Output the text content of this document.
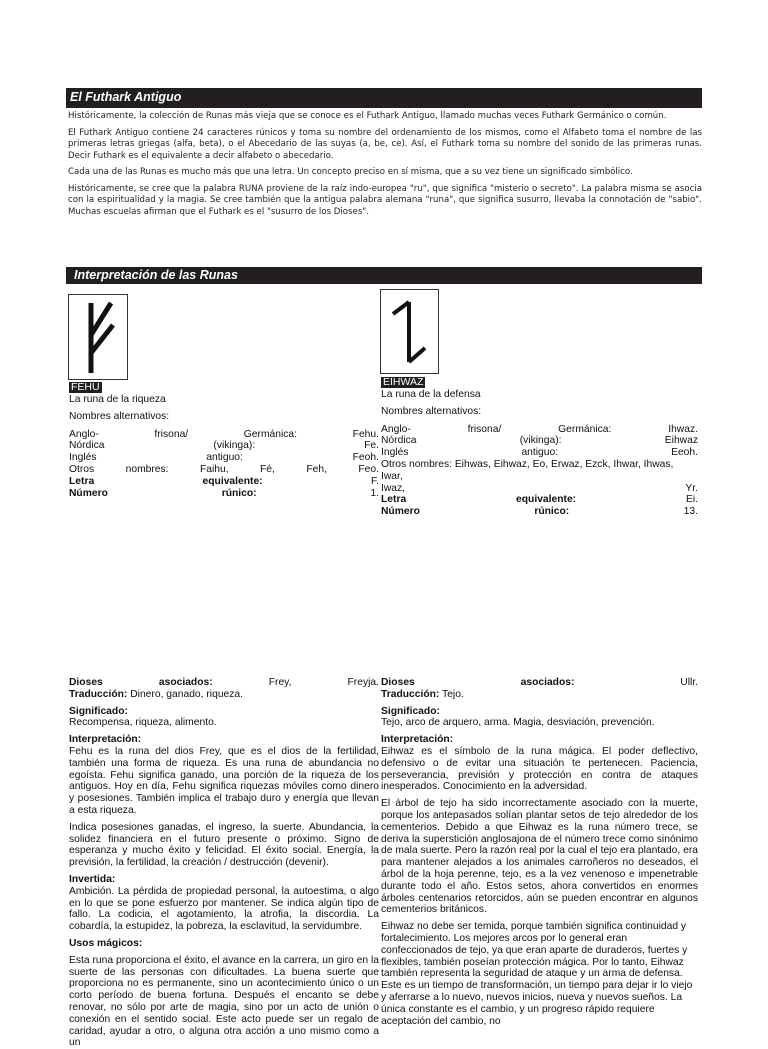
El Futhark Antiguo

Históricamente, la colección de Runas más vieja que se conoce es el Futhark Antiguo, llamado muchas veces Futhark Germánico o común.

El Futhark Antiguo contiene 24 caracteres rúnicos y toma su nombre del ordenamiento de los mismos, como el Alfabeto toma el nombre de las primeras letras griegas (alfa, beta), o el Abecedario de las suyas (a, be, ce). Así, el Futhark toma su nombre del sonido de las primeras runas. Decir Futhark es el equivalente a decir alfabeto o abecedario.

Cada una de las Runas es mucho más que una letra. Un concepto preciso en sí misma, que a su vez tiene un significado simbólico.

Históricamente, se cree que la palabra RUNA proviene de la raíz indo-europea "ru", que significa "misterio o secreto". La palabra misma se asocia con la espiritualidad y la magia. Se cree también que la antigua palabra alemana "runa", que significa susurro, llevaba la connotación de "sabio". Muchas escuelas afirman que el Futhark es el "susurro de los Dioses".

Interpretación de las Runas
FEHU	EIHWAZ

La runa de la riqueza

Nombres alternativos:

Anglo-	frisona/	Germánica:	Fehu.

Nórdica	(vikinga):	Fe.

Inglés	antiguo:	Feoh.

Otros	nombres:	Faihu,	Fé,	Feh,	Feo.

Letra	equivalente:	F.

Número	rúnico:	1.

La runa de la defensa

Nombres alternativos:

Anglo-	frisona/	Germánica:	Ihwaz.

Nórdica	(vikinga):	Eihwaz

Inglés	antiguo:	Eeoh.

Otros nombres: Eihwas, Eihwaz, Eo, Erwaz, Ezck, Ihwar, Ihwas, Iwar,

Iwaz,	Yr.

Letra	equivalente:	Ei.

Número	rúnico:	13.

Dioses	asociados:	Frey,	Freyja.

Traducción: Dinero, ganado, riqueza.

Significado:

Recompensa, riqueza, alimento.

Interpretación:

Fehu es la runa del dios Frey, que es el dios de la fertilidad, también una forma de riqueza. Es una runa de abundancia no egoísta. Fehu significa ganado, una porción de la riqueza de los antiguos. Hoy en día, Fehu significa riquezas móviles como dinero y posesiones. También implica el trabajo duro y energía que llevan a esta riqueza.

Indica posesiones ganadas, el ingreso, la suerte. Abundancia, la solidez financiera en el futuro presente o próximo. Signo de esperanza y mucho éxito y felicidad. El éxito social. Energía, la previsión, la fertilidad, la creación / destrucción (devenir).

Invertida:

Ambición. La pérdida de propiedad personal, la autoestima, o algo en lo que se pone esfuerzo por mantener. Se indica algún tipo de fallo. La codicia, el agotamiento, la atrofia, la discordia. La cobardía, la estupidez, la pobreza, la esclavitud, la servidumbre.

Usos mágicos:

Esta runa proporciona el éxito, el avance en la carrera, un giro en la suerte de las personas con dificultades. La buena suerte que proporciona no es permanente, sino un acontecimiento único o un corto período de buena fortuna. Después el encanto se debe renovar, no sólo por arte de magia, sino por un acto de unión o conexión en el sentido social. Este acto puede ser un regalo de caridad, ayudar a otro, o alguna otra acción a uno mismo como a un

Dioses	asociados:	Ullr.

Traducción: Tejo.

Significado:

Tejo, arco de arquero, arma. Magia, desviación, prevención.

Interpretación:

Eihwaz es el símbolo de la runa mágica. El poder deflectivo, defensivo o de evitar una situación te pertenecen. Paciencia, perseverancia, previsión y protección en contra de ataques inesperados. Conocimiento en la adversidad.

El árbol de tejo ha sido incorrectamente asociado con la muerte, porque los antepasados solían plantar setos de tejo alrededor de los cementerios. Debido a que Eihwaz es la runa número trece, se deriva la superstición anglosajona de el número trece como sinónimo de mala suerte. Pero la razón real por la cual el tejo era plantado, era para mantener alejados a los animales carroñeros no deseados, el árbol de la hoja perenne, tejo, es a la vez venenoso e impenetrable durante todo el año. Estos setos, ahora convertidos en enormes árboles centenarios retorcidos, aún se pueden encontrar en algunos cementerios británicos.

Eihwaz no debe ser temida, porque también significa continuidad y fortalecimiento. Los mejores arcos por lo general eran confeccionados de tejo, ya que eran aparte de duraderos, fuertes y flexibles, también poseían protección mágica. Por lo tanto, Eihwaz también representa la seguridad de ataque y un arma de defensa. Este es un tiempo de transformación, un tiempo para dejar ir lo viejo y aferrarse a lo nuevo, nuevos inicios, nueva y nuevos sueños. La única constante es el cambio, y un progreso rápido requiere aceptación del cambio, no
